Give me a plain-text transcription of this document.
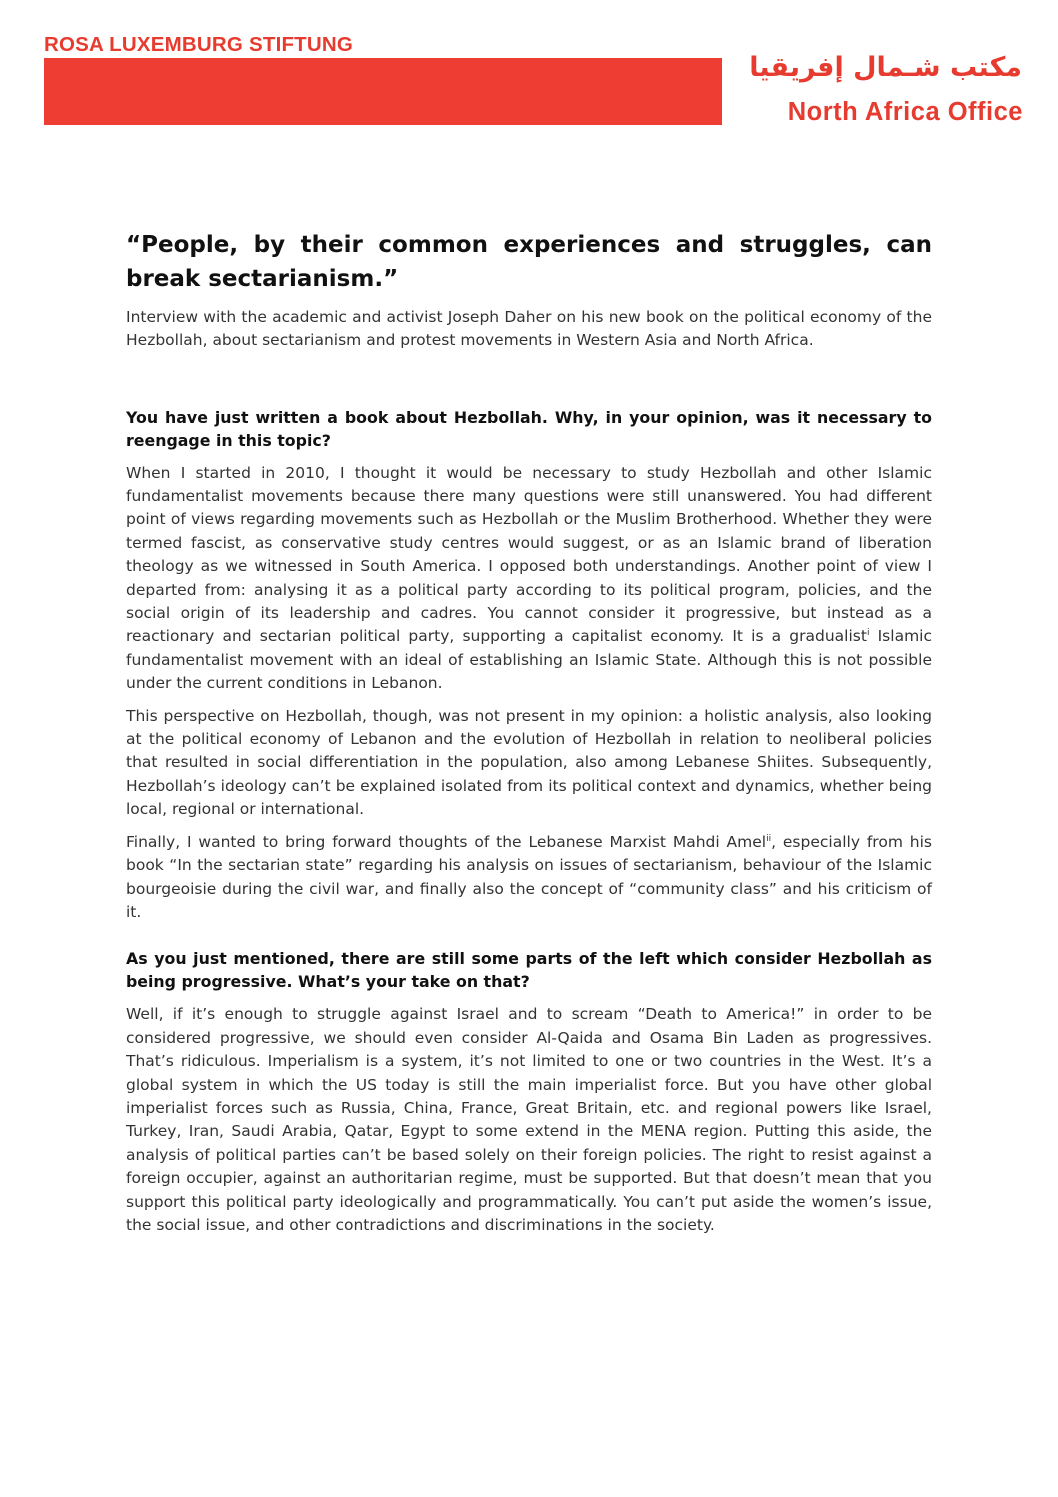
ROSA LUXEMBURG STIFTUNG
مكتب شـمال إفريقيا
North Africa Office
“People, by their common experiences and struggles, can break sectarianism.”

Interview with the academic and activist Joseph Daher on his new book on the political economy of the Hezbollah, about sectarianism and protest movements in Western Asia and North Africa.

You have just written a book about Hezbollah. Why, in your opinion, was it necessary to reengage in this topic?

When I started in 2010, I thought it would be necessary to study Hezbollah and other Islamic fundamentalist movements because there many questions were still unanswered. You had different point of views regarding movements such as Hezbollah or the Muslim Brotherhood. Whether they were termed fascist, as conservative study centres would suggest, or as an Islamic brand of liberation theology as we witnessed in South America. I opposed both understandings. Another point of view I departed from: analysing it as a political party according to its political program, policies, and the social origin of its leadership and cadres. You cannot consider it progressive, but instead as a reactionary and sectarian political party, supporting a capitalist economy. It is a gradualist$^i$ Islamic fundamentalist movement with an ideal of establishing an Islamic State. Although this is not possible under the current conditions in Lebanon.

This perspective on Hezbollah, though, was not present in my opinion: a holistic analysis, also looking at the political economy of Lebanon and the evolution of Hezbollah in relation to neoliberal policies that resulted in social differentiation in the population, also among Lebanese Shiites. Subsequently, Hezbollah’s ideology can’t be explained isolated from its political context and dynamics, whether being local, regional or international.

Finally, I wanted to bring forward thoughts of the Lebanese Marxist Mahdi Amel$^{ii}$, especially from his book “In the sectarian state” regarding his analysis on issues of sectarianism, behaviour of the Islamic bourgeoisie during the civil war, and finally also the concept of “community class” and his criticism of it.

As you just mentioned, there are still some parts of the left which consider Hezbollah as being progressive. What’s your take on that?

Well, if it’s enough to struggle against Israel and to scream “Death to America!” in order to be considered progressive, we should even consider Al-Qaida and Osama Bin Laden as progressives. That’s ridiculous. Imperialism is a system, it’s not limited to one or two countries in the West. It’s a global system in which the US today is still the main imperialist force. But you have other global imperialist forces such as Russia, China, France, Great Britain, etc. and regional powers like Israel, Turkey, Iran, Saudi Arabia, Qatar, Egypt to some extend in the MENA region. Putting this aside, the analysis of political parties can’t be based solely on their foreign policies. The right to resist against a foreign occupier, against an authoritarian regime, must be supported. But that doesn’t mean that you support this political party ideologically and programmatically. You can’t put aside the women’s issue, the social issue, and other contradictions and discriminations in the society.
